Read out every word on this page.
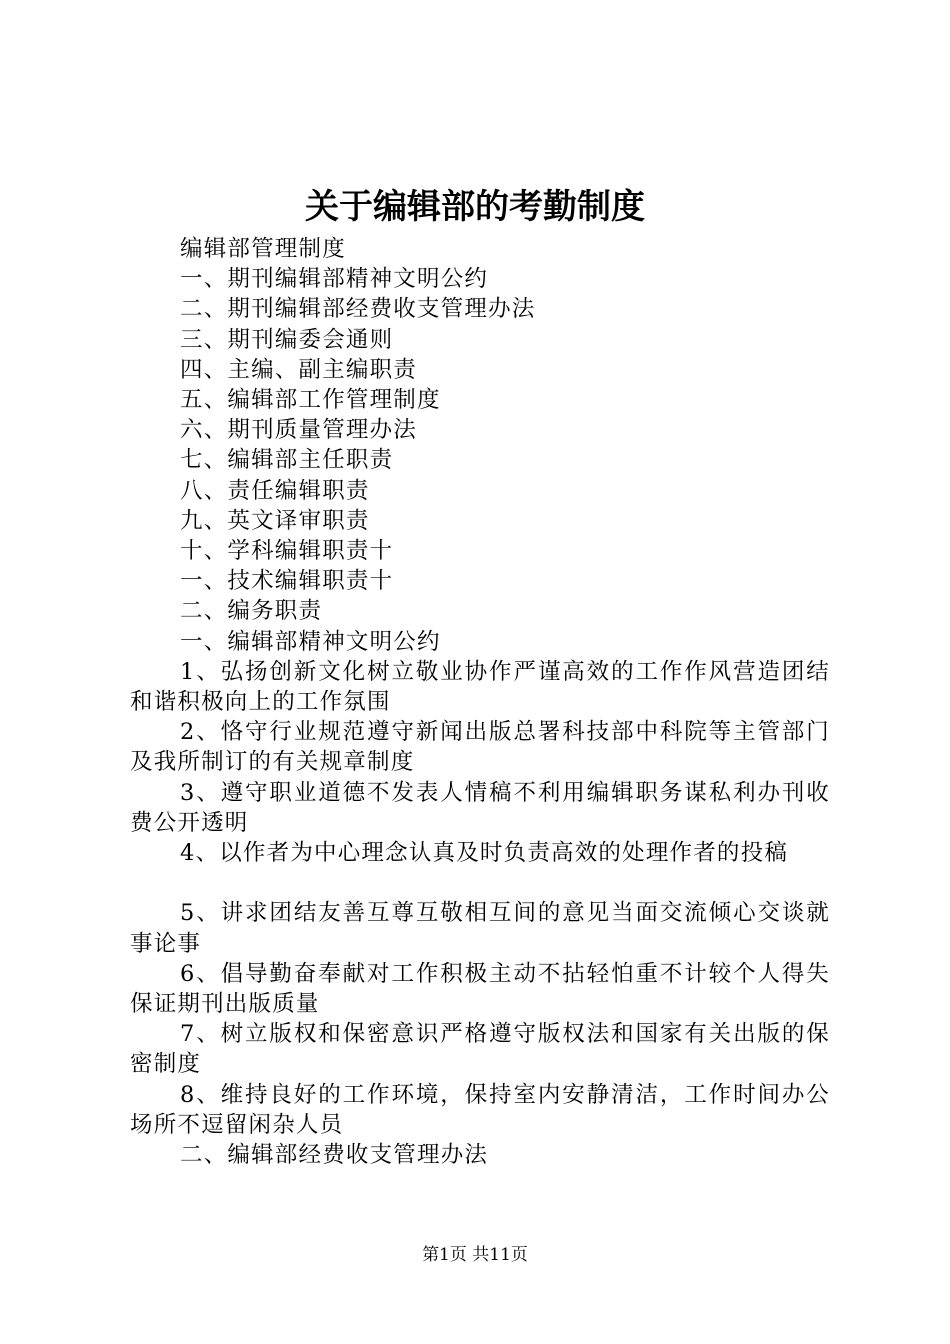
关于编辑部的考勤制度
编辑部管理制度
一、期刊编辑部精神文明公约
二、期刊编辑部经费收支管理办法
三、期刊编委会通则
四、主编、副主编职责
五、编辑部工作管理制度
六、期刊质量管理办法
七、编辑部主任职责
八、责任编辑职责
九、英文译审职责
十、学科编辑职责十
一、技术编辑职责十
二、编务职责
一、编辑部精神文明公约
1、弘扬创新文化树立敬业协作严谨高效的工作作风营造团结和谐积极向上的工作氛围
2、恪守行业规范遵守新闻出版总署科技部中科院等主管部门及我所制订的有关规章制度
3、遵守职业道德不发表人情稿不利用编辑职务谋私利办刊收费公开透明
4、以作者为中心理念认真及时负责高效的处理作者的投稿
5、讲求团结友善互尊互敬相互间的意见当面交流倾心交谈就事论事
6、倡导勤奋奉献对工作积极主动不拈轻怕重不计较个人得失保证期刊出版质量
7、树立版权和保密意识严格遵守版权法和国家有关出版的保密制度
8、维持良好的工作环境，保持室内安静清洁，工作时间办公场所不逗留闲杂人员
二、编辑部经费收支管理办法
第1页 共11页
